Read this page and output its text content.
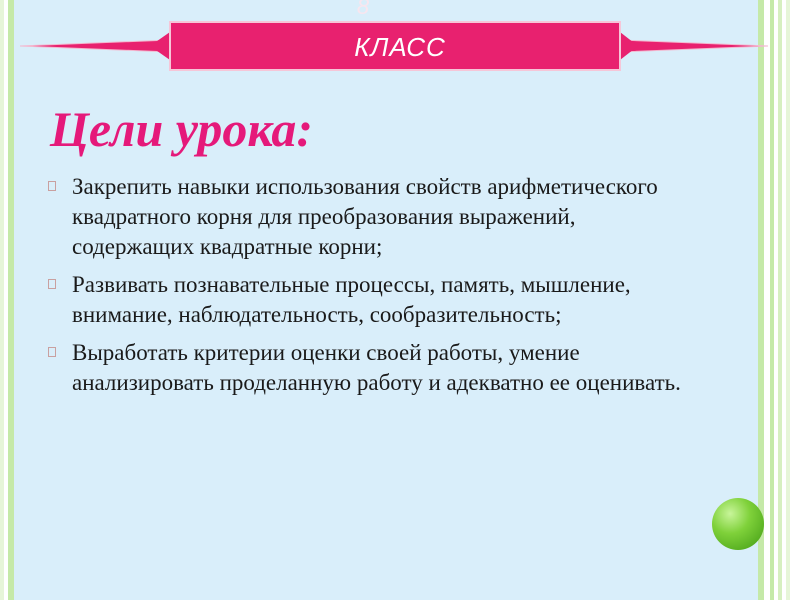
8
КЛАСС
Цели урока:
Закрепить навыки использования свойств арифметического квадратного корня для преобразования выражений, содержащих квадратные корни;
Развивать познавательные процессы, память, мышление, внимание, наблюдательность, сообразительность;
Выработать критерии оценки своей работы, умение анализировать проделанную работу и адекватно ее оценивать.
